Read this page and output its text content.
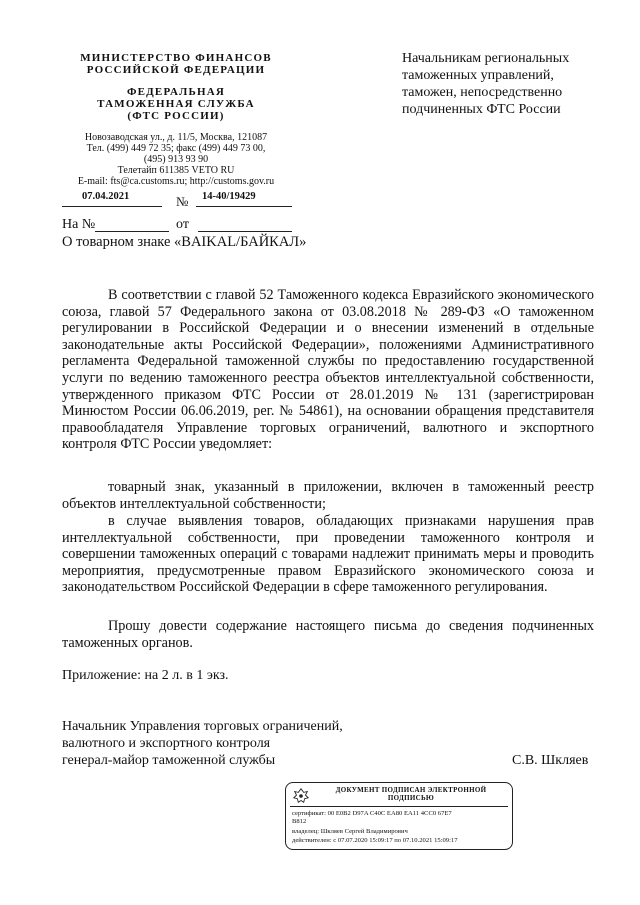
МИНИСТЕРСТВО ФИНАНСОВ
РОССИЙСКОЙ ФЕДЕРАЦИИ
ФЕДЕРАЛЬНАЯ
ТАМОЖЕННАЯ СЛУЖБА
(ФТС РОССИИ)
Новозаводская ул., д. 11/5, Москва, 121087
Тел. (499) 449 72 35; факс (499) 449 73 00,
(495) 913 93 90
Телетайп 611385 VETO RU
E-mail: fts@ca.customs.ru; http://customs.gov.ru
07.04.2021	№ 14-40/19429
На №	от
О товарном знаке «BAIKAL/БАЙКАЛ»
Начальникам региональных
таможенных управлений,
таможен, непосредственно
подчиненных ФТС России
В соответствии с главой 52 Таможенного кодекса Евразийского экономического союза, главой 57 Федерального закона от 03.08.2018 № 289-ФЗ «О таможенном регулировании в Российской Федерации и о внесении изменений в отдельные законодательные акты Российской Федерации», положениями Административного регламента Федеральной таможенной службы по предоставлению государственной услуги по ведению таможенного реестра объектов интеллектуальной собственности, утвержденного приказом ФТС России от 28.01.2019 № 131 (зарегистрирован Минюстом России 06.06.2019, рег. № 54861), на основании обращения представителя правообладателя Управление торговых ограничений, валютного и экспортного контроля ФТС России уведомляет:
товарный знак, указанный в приложении, включен в таможенный реестр объектов интеллектуальной собственности;
в случае выявления товаров, обладающих признаками нарушения прав интеллектуальной собственности, при проведении таможенного контроля и совершении таможенных операций с товарами надлежит принимать меры и проводить мероприятия, предусмотренные правом Евразийского экономического союза и законодательством Российской Федерации в сфере таможенного регулирования.
Прошу довести содержание настоящего письма до сведения подчиненных таможенных органов.
Приложение: на 2 л. в 1 экз.
Начальник Управления торговых ограничений,
валютного и экспортного контроля
генерал-майор таможенной службы	С.В. Шкляев
ДОКУМЕНТ ПОДПИСАН ЭЛЕКТРОННОЙ
ПОДПИСЬЮ
сертификат: 00 E0B2 D97A C40C EA80 EA11 4CC0 67E7
B812
владелец: Шкляев Сергей Владимирович
действителен: с 07.07.2020 15:09:17 по 07.10.2021 15:09:17
